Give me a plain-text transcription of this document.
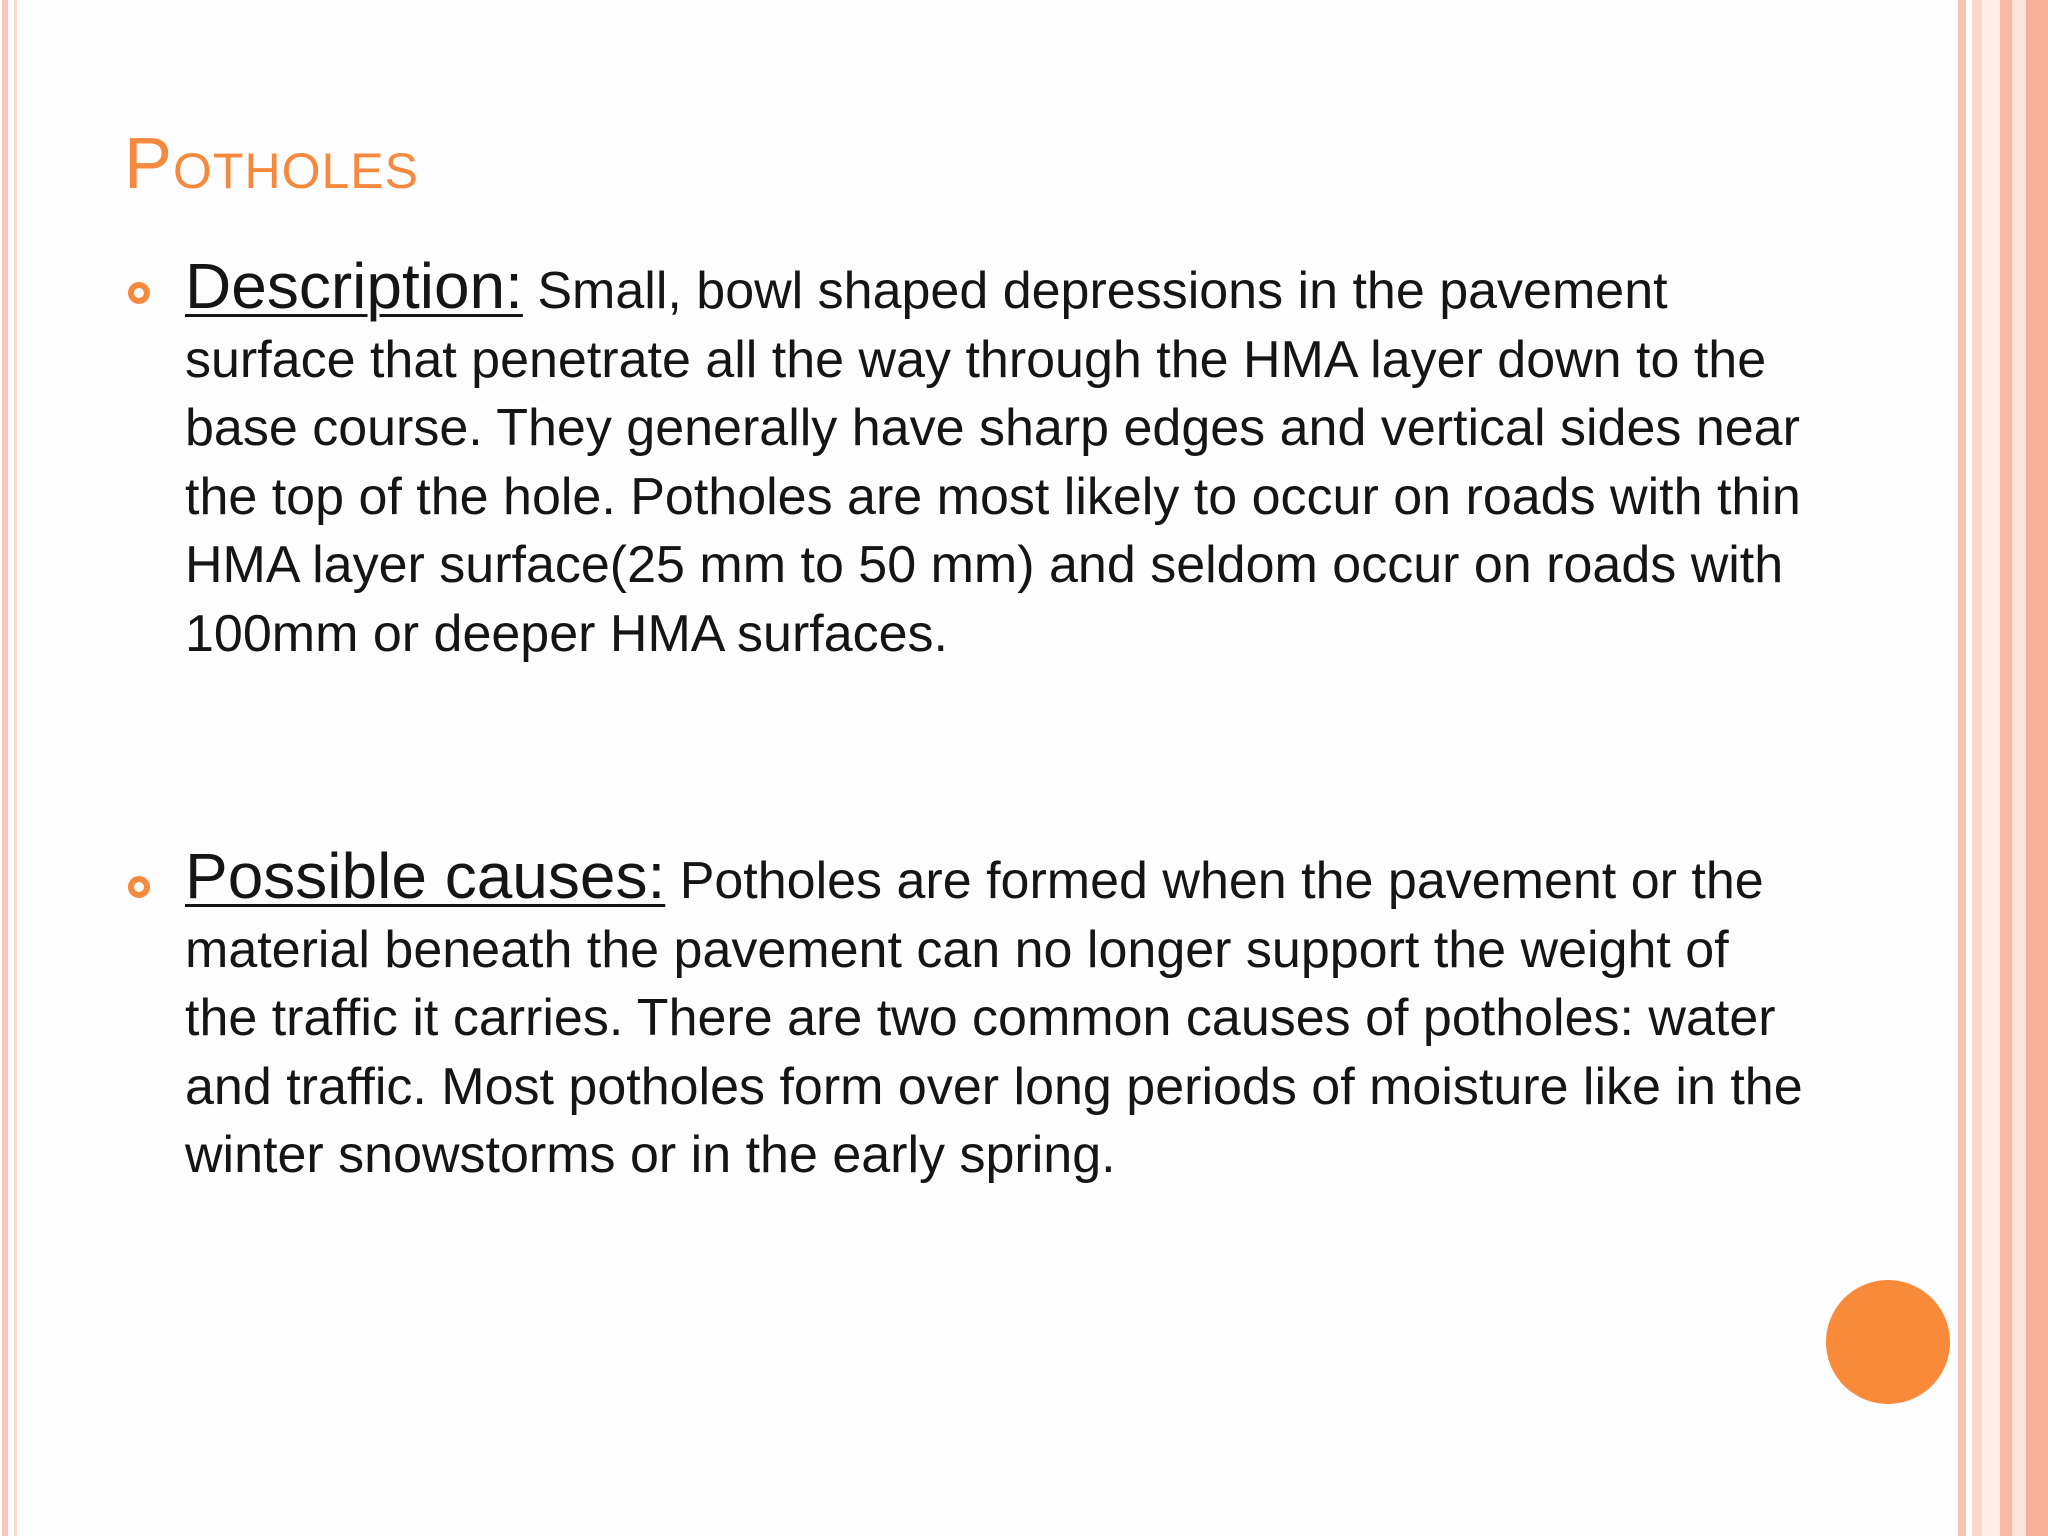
Potholes
Description: Small, bowl shaped depressions in the pavement surface that penetrate all the way through the HMA layer down to the base course. They generally have sharp edges and vertical sides near the top of the hole. Potholes are most likely to occur on roads with thin HMA layer surface(25 mm to 50 mm) and seldom occur on roads with 100mm or deeper HMA surfaces.
Possible causes: Potholes are formed when the pavement or the material beneath the pavement can no longer support the weight of the traffic it carries. There are two common causes of potholes: water and traffic. Most potholes form over long periods of moisture like in the winter snowstorms or in the early spring.
